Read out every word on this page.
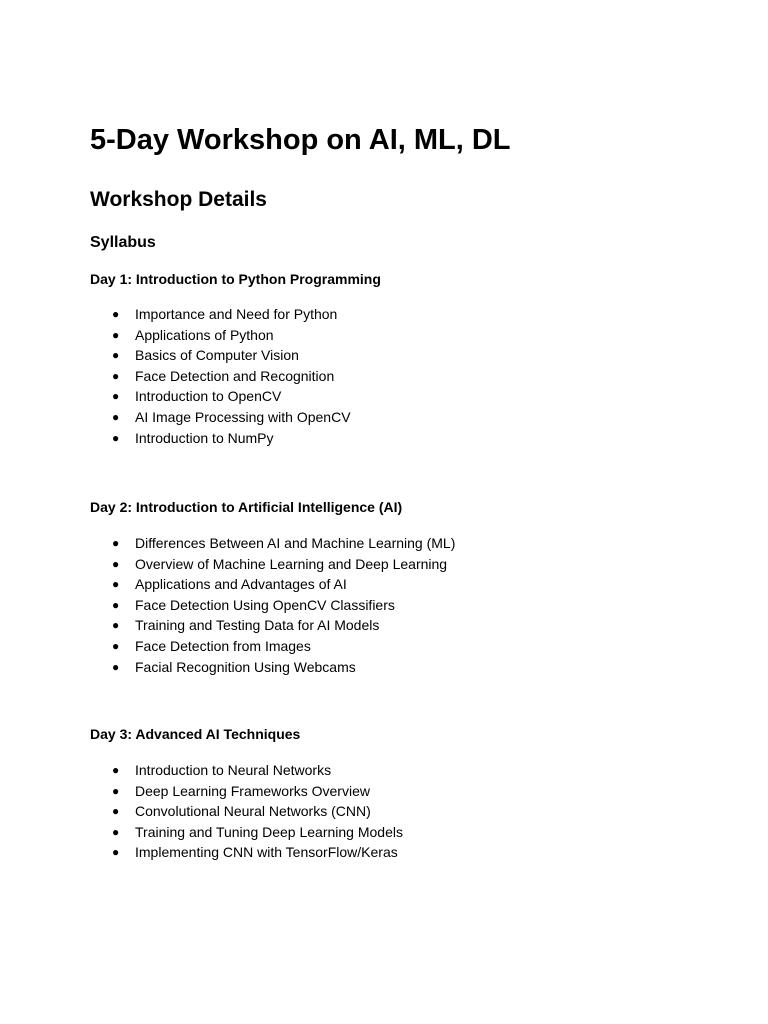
5-Day Workshop on AI, ML, DL
Workshop Details
Syllabus
Day 1: Introduction to Python Programming
● Importance and Need for Python
● Applications of Python
● Basics of Computer Vision
● Face Detection and Recognition
● Introduction to OpenCV
● AI Image Processing with OpenCV
● Introduction to NumPy
Day 2: Introduction to Artificial Intelligence (AI)
● Differences Between AI and Machine Learning (ML)
● Overview of Machine Learning and Deep Learning
● Applications and Advantages of AI
● Face Detection Using OpenCV Classifiers
● Training and Testing Data for AI Models
● Face Detection from Images
● Facial Recognition Using Webcams
Day 3: Advanced AI Techniques
● Introduction to Neural Networks
● Deep Learning Frameworks Overview
● Convolutional Neural Networks (CNN)
● Training and Tuning Deep Learning Models
● Implementing CNN with TensorFlow/Keras
